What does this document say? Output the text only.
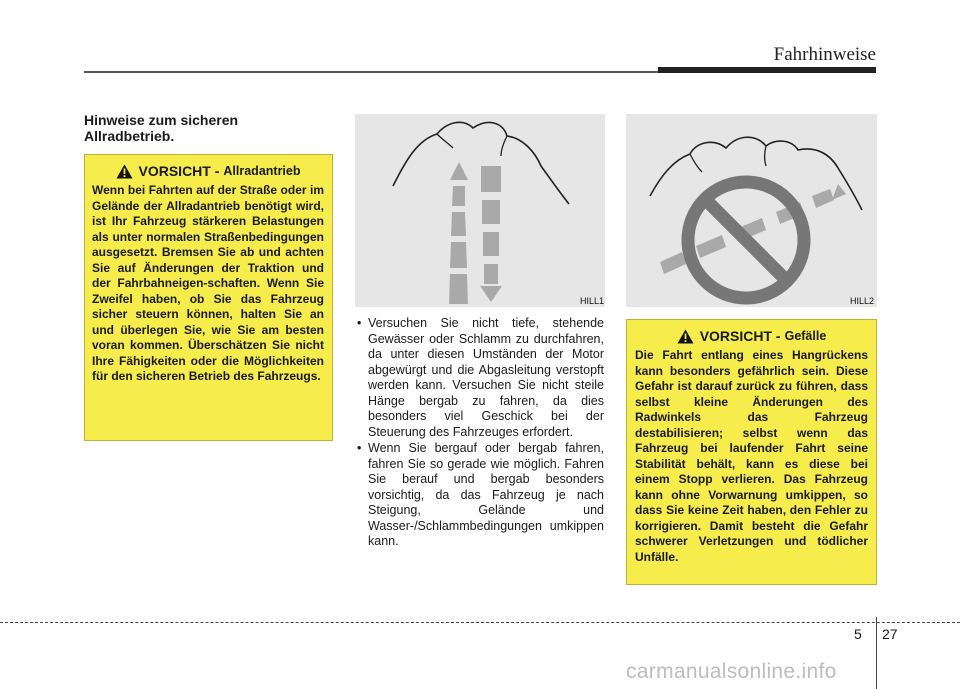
Fahrhinweise
Hinweise zum sicheren Allradbetrieb.
VORSICHT - Allradantrieb
Wenn bei Fahrten auf der Straße oder im Gelände der Allradantrieb benötigt wird, ist Ihr Fahrzeug stärkeren Belastungen als unter normalen Straßenbedingungen ausgesetzt. Bremsen Sie ab und achten Sie auf Änderungen der Traktion und der Fahrbahneigen-schaften. Wenn Sie Zweifel haben, ob Sie das Fahrzeug sicher steuern können, halten Sie an und überlegen Sie, wie Sie am besten voran kommen. Überschätzen Sie nicht Ihre Fähigkeiten oder die Möglichkeiten für den sicheren Betrieb des Fahrzeugs.
HILL1	HILL2
• Versuchen Sie nicht tiefe, stehende Gewässer oder Schlamm zu durchfahren, da unter diesen Umständen der Motor abgewürgt und die Abgasleitung verstopft werden kann. Versuchen Sie nicht steile Hänge bergab zu fahren, da dies besonders viel Geschick bei der Steuerung des Fahrzeuges erfordert.
• Wenn Sie bergauf oder bergab fahren, fahren Sie so gerade wie möglich. Fahren Sie berauf und bergab besonders vorsichtig, da das Fahrzeug je nach Steigung, Gelände und Wasser-/Schlammbedingungen umkippen kann.
VORSICHT - Gefälle
Die Fahrt entlang eines Hangrückens kann besonders gefährlich sein. Diese Gefahr ist darauf zurück zu führen, dass selbst kleine Änderungen des Radwinkels das Fahrzeug destabilisieren; selbst wenn das Fahrzeug bei laufender Fahrt seine Stabilität behält, kann es diese bei einem Stopp verlieren. Das Fahrzeug kann ohne Vorwarnung umkippen, so dass Sie keine Zeit haben, den Fehler zu korrigieren. Damit besteht die Gefahr schwerer Verletzungen und tödlicher Unfälle.
5 27
carmanualsonline.info
